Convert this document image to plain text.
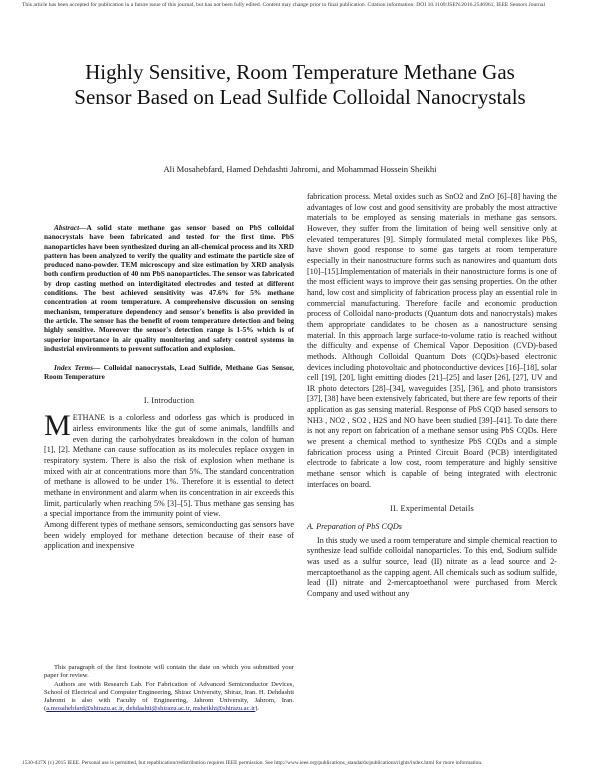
This article has been accepted for publication in a future issue of this journal, but has not been fully edited. Content may change prior to final publication. Citation information: DOI 10.1109/JSEN.2016.2546961, IEEE Sensors Journal
Highly Sensitive, Room Temperature Methane Gas Sensor Based on Lead Sulfide Colloidal Nanocrystals
Ali Mosahebfard, Hamed Dehdashti Jahromi, and Mohammad Hossein Sheikhi

Abstract—A solid state methane gas sensor based on PbS colloidal nanocrystals have been fabricated and tested for the first time. PbS nanoparticles have been synthesized during an all-chemical process and its XRD pattern has been analyzed to verify the quality and estimate the particle size of produced nano-powder. TEM microscopy and size estimation by XRD analysis both confirm production of 40 nm PbS nanoparticles. The sensor was fabricated by drop casting method on interdigitated electrodes and tested at different conditions. The best achieved sensitivity was 47.6% for 5% methane concentration at room temperature. A comprehensive discussion on sensing mechanism, temperature dependency and sensor's benefits is also provided in the article. The sensor has the benefit of room temperature detection and being highly sensitive. Moreover the sensor's detection range is 1-5% which is of superior importance in air quality monitoring and safety control systems in industrial environments to prevent suffocation and explosion.

Index Terms— Colloidal nanocrystals, Lead Sulfide, Methane Gas Sensor, Room Temperature

I. Introduction

METHANE is a colorless and odorless gas which is produced in airless environments like the gut of some animals, landfills and even during the carbohydrates breakdown in the colon of human [1], [2]. Methane can cause suffocation as its molecules replace oxygen in respiratory system. There is also the risk of explosion when methane is mixed with air at concentrations more than 5%. The standard concentration of methane is allowed to be under 1%. Therefore it is essential to detect methane in environment and alarm when its concentration in air exceeds this limit, particularly when reaching 5% [3]–[5]. Thus methane gas sensing has a special importance from the immunity point of view.

Among different types of methane sensors, semiconducting gas sensors have been widely employed for methane detection because of their ease of application and inexpensive

fabrication process. Metal oxides such as SnO2 and ZnO [6]–[8] having the advantages of low cost and good sensitivity are probably the most attractive materials to be employed as sensing materials in methane gas sensors. However, they suffer from the limitation of being well sensitive only at elevated temperatures [9]. Simply formulated metal complexes like PbS, have shown good response to some gas targets at room temperature especially in their nanostructure forms such as nanowires and quantum dots [10]–[15].Implementation of materials in their nanostructure forms is one of the most efficient ways to improve their gas sensing properties. On the other hand, low cost and simplicity of fabrication process play an essential role in commercial manufacturing. Therefore facile and economic production process of Colloidal nano-products (Quantum dots and nanocrystals) makes them appropriate candidates to be chosen as a nanostructure sensing material. In this approach large surface-to-volume ratio is reached without the difficulty and expense of Chemical Vapor Deposition (CVD)-based methods. Although Colloidal Quantum Dots (CQDs)-based electronic devices including photovoltaic and photoconductive devices [16]–[18], solar cell [19], [20], light emitting diodes [21]–[25] and laser [26], [27], UV and IR photo detectors [28]–[34], waveguides [35], [36], and photo transistors [37], [38] have been extensively fabricated, but there are few reports of their application as gas sensing material. Response of PbS CQD based sensors to NH3 , NO2 , SO2 , H2S and NO have been studied [39]–[41]. To date there is not any report on fabrication of a methane sensor using PbS CQDs. Here we present a chemical method to synthesize PbS CQDs and a simple fabrication process using a Printed Circuit Board (PCB) interdigitated electrode to fabricate a low cost, room temperature and highly sensitive methane sensor which is capable of being integrated with electronic interfaces on board.

II. Experimental Details
A. Preparation of PbS CQDs

In this study we used a room temperature and simple chemical reaction to synthesize lead sulfide colloidal nanoparticles. To this end, Sodium sulfide was used as a sulfur source, lead (II) nitrate as a lead source and 2-mercaptoethanol as the capping agent. All chemicals such as sodium sulfide, lead (II) nitrate and 2-mercaptoethanol were purchased from Merck Company and used without any

This paragraph of the first footnote will contain the date on which you submitted your paper for review.

Authors are with Research Lab. For Fabrication of Advanced Semiconductor Devices, School of Electrical and Computer Engineering, Shiraz University, Shiraz, Iran. H. Dehdashti Jahromi is also with Faculty of Engineering, Jahrom University, Jahrom, Iran. (a.mosahebfard@shirazu.ac.ir, dehdashti@shirazu.ac.ir, msheikhi@shirazu.ac.ir).

1530-437X (c) 2015 IEEE. Personal use is permitted, but republication/redistribution requires IEEE permission. See http://www.ieee.org/publications_standards/publications/rights/index.html for more information.
